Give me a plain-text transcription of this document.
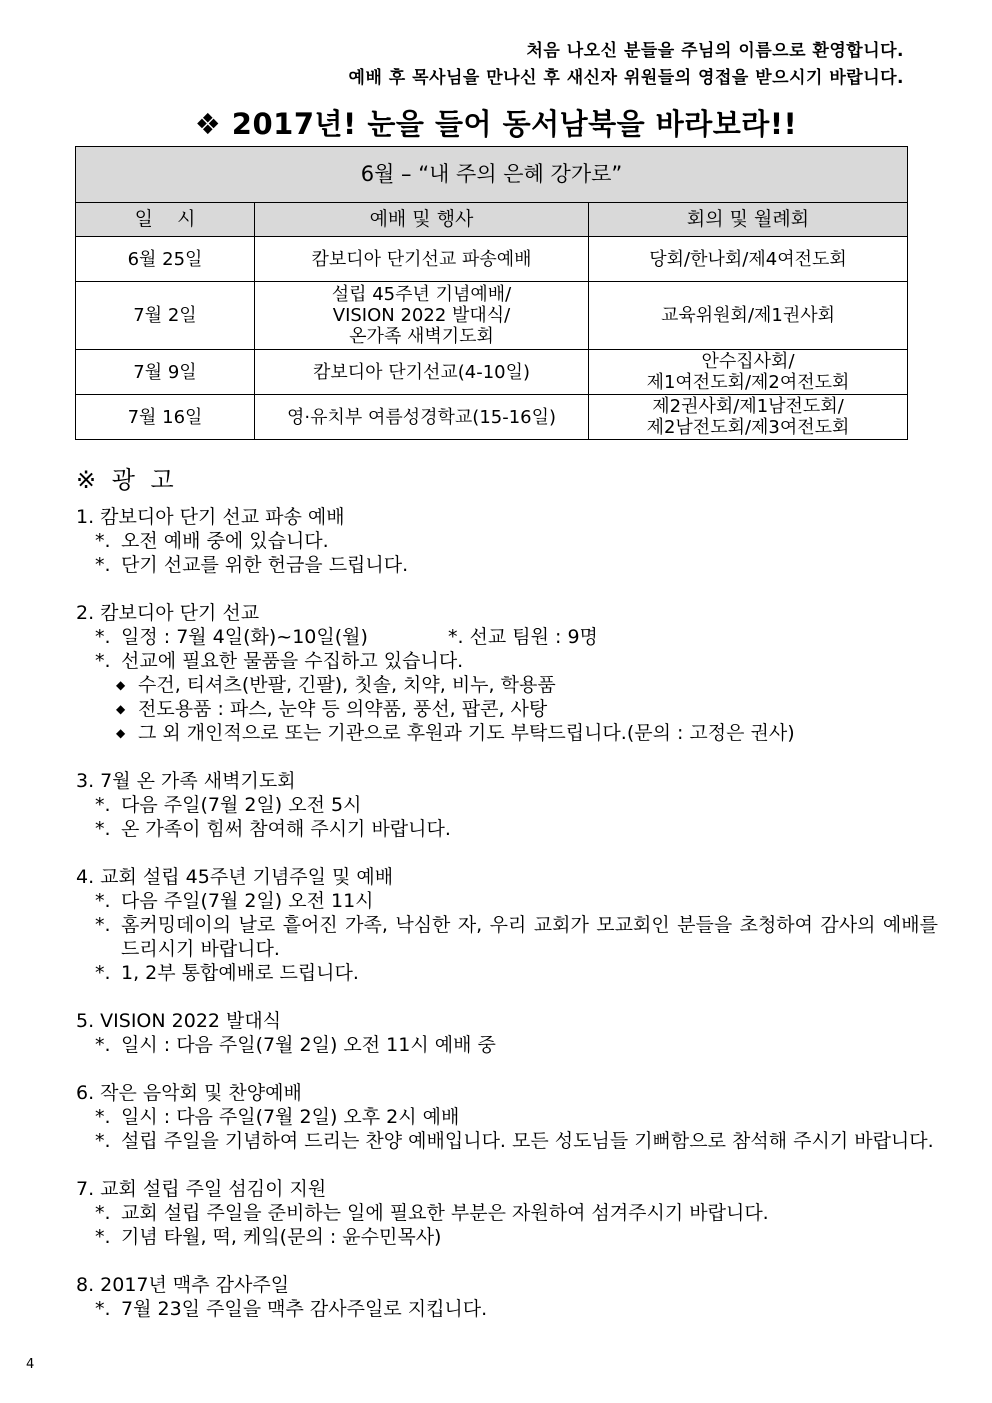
처음 나오신 분들을 주님의 이름으로 환영합니다.
예배 후 목사님을 만나신 후 새신자 위원들의 영접을 받으시기 바랍니다.
❖ 2017년! 눈을 들어 동서남북을 바라보라!!
6월 – “내 주의 은혜 강가로”		
일    시	예배 및 행사	회의 및 월례회
6월 25일	캄보디아 단기선교 파송예배	당회/한나회/제4여전도회

7월 2일	설립 45주년 기념예배/
VISION 2022 발대식/
온가족 새벽기도회	교육위원회/제1권사회

7월 9일	캄보디아 단기선교(4-10일)	안수집사회/
제1여전도회/제2여전도회

7월 16일	영·유치부 여름성경학교(15-16일)	제2권사회/제1남전도회/
제2남전도회/제3여전도회
※ 광 고
1. 캄보디아 단기 선교 파송 예배
*. 오전 예배 중에 있습니다.
*. 단기 선교를 위한 헌금을 드립니다.
2. 캄보디아 단기 선교
*. 일정 : 7월 4일(화)~10일(월)	*. 선교 팀원 : 9명
*. 선교에 필요한 물품을 수집하고 있습니다.
◆ 수건, 티셔츠(반팔, 긴팔), 칫솔, 치약, 비누, 학용품
◆ 전도용품 : 파스, 눈약 등 의약품, 풍선, 팝콘, 사탕
◆ 그 외 개인적으로 또는 기관으로 후원과 기도 부탁드립니다.(문의 : 고정은 권사)
3. 7월 온 가족 새벽기도회
*. 다음 주일(7월 2일) 오전 5시
*. 온 가족이 힘써 참여해 주시기 바랍니다.
4. 교회 설립 45주년 기념주일 및 예배
*. 다음 주일(7월 2일) 오전 11시
*. 홈커밍데이의 날로 흩어진 가족, 낙심한 자, 우리 교회가 모교회인 분들을 초청하여 감사의 예배를 드리시기 바랍니다.
*. 1, 2부 통합예배로 드립니다.
5. VISION 2022 발대식
*. 일시 : 다음 주일(7월 2일) 오전 11시 예배 중
6. 작은 음악회 및 찬양예배
*. 일시 : 다음 주일(7월 2일) 오후 2시 예배
*. 설립 주일을 기념하여 드리는 찬양 예배입니다. 모든 성도님들 기뻐함으로 참석해 주시기 바랍니다.
7. 교회 설립 주일 섬김이 지원
*. 교회 설립 주일을 준비하는 일에 필요한 부분은 자원하여 섬겨주시기 바랍니다.
*. 기념 타월, 떡, 케잌(문의 : 윤수민목사)
8. 2017년 맥추 감사주일
*. 7월 23일 주일을 맥추 감사주일로 지킵니다.
4
